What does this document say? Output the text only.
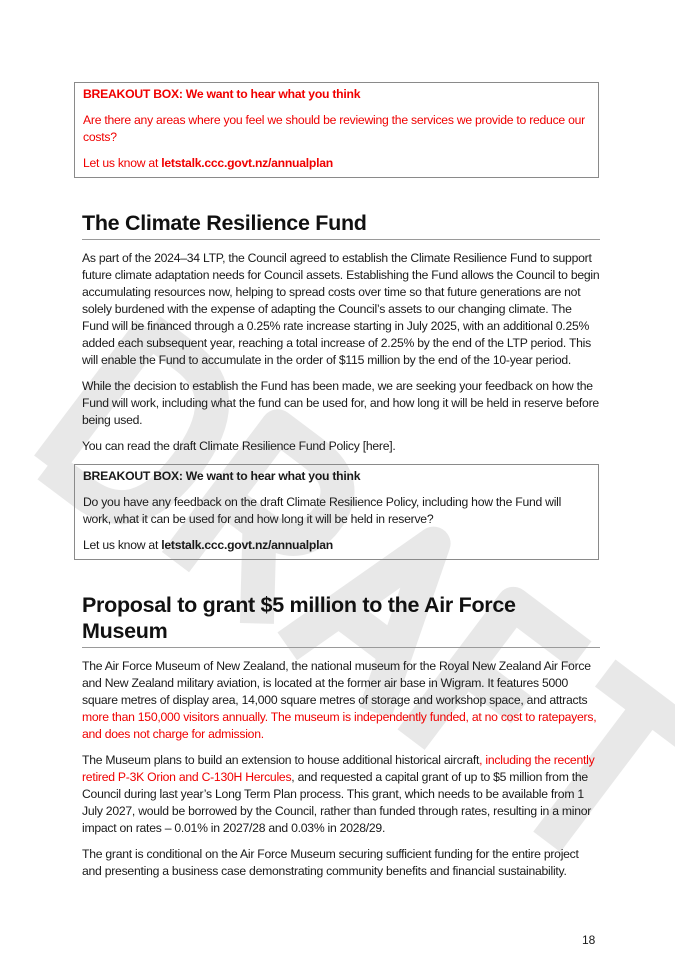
BREAKOUT BOX: We want to hear what you think

Are there any areas where you feel we should be reviewing the services we provide to reduce our costs?

Let us know at letstalk.ccc.govt.nz/annualplan

The Climate Resilience Fund

As part of the 2024–34 LTP, the Council agreed to establish the Climate Resilience Fund to support future climate adaptation needs for Council assets. Establishing the Fund allows the Council to begin accumulating resources now, helping to spread costs over time so that future generations are not solely burdened with the expense of adapting the Council’s assets to our changing climate. The Fund will be financed through a 0.25% rate increase starting in July 2025, with an additional 0.25% added each subsequent year, reaching a total increase of 2.25% by the end of the LTP period. This will enable the Fund to accumulate in the order of $115 million by the end of the 10-year period.

While the decision to establish the Fund has been made, we are seeking your feedback on how the Fund will work, including what the fund can be used for, and how long it will be held in reserve before being used.

You can read the draft Climate Resilience Fund Policy [here].

BREAKOUT BOX: We want to hear what you think

Do you have any feedback on the draft Climate Resilience Policy, including how the Fund will work, what it can be used for and how long it will be held in reserve?

Let us know at letstalk.ccc.govt.nz/annualplan

Proposal to grant $5 million to the Air Force Museum

The Air Force Museum of New Zealand, the national museum for the Royal New Zealand Air Force and New Zealand military aviation, is located at the former air base in Wigram. It features 5000 square metres of display area, 14,000 square metres of storage and workshop space, and attracts more than 150,000 visitors annually. The museum is independently funded, at no cost to ratepayers, and does not charge for admission.

The Museum plans to build an extension to house additional historical aircraft, including the recently retired P-3K Orion and C-130H Hercules, and requested a capital grant of up to $5 million from the Council during last year’s Long Term Plan process. This grant, which needs to be available from 1 July 2027, would be borrowed by the Council, rather than funded through rates, resulting in a minor impact on rates – 0.01% in 2027/28 and 0.03% in 2028/29.

The grant is conditional on the Air Force Museum securing sufficient funding for the entire project and presenting a business case demonstrating community benefits and financial sustainability.

18
